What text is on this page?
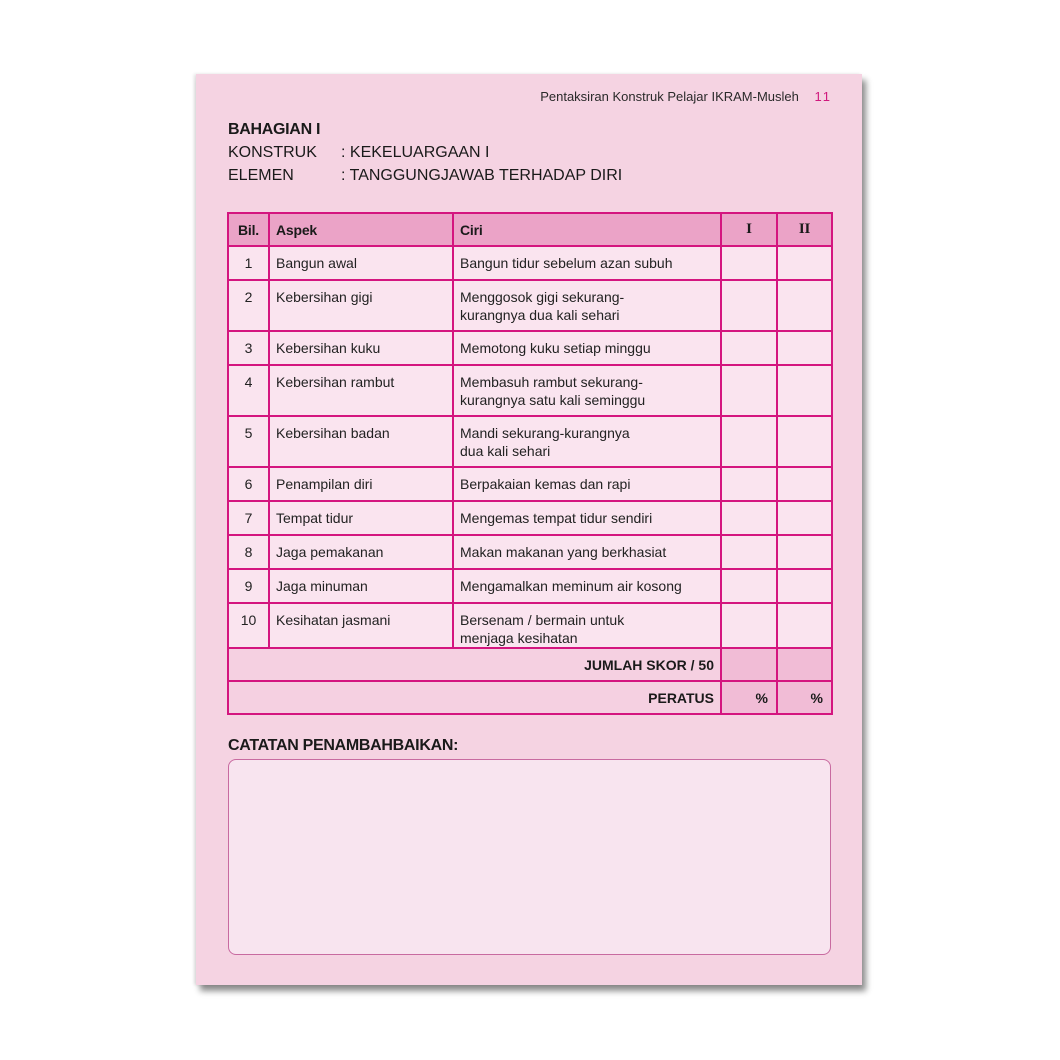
Pentaksiran Konstruk Pelajar IKRAM-Musleh 11
BAHAGIAN I
KONSTRUK	: KEKELUARGAAN I
ELEMEN	: TANGGUNGJAWAB TERHADAP DIRI
Bil.	Aspek	Ciri	I	II
1	Bangun awal	Bangun tidur sebelum azan subuh		
2	Kebersihan gigi	Menggosok gigi sekurang-
kurangnya dua kali sehari		
3	Kebersihan kuku	Memotong kuku setiap minggu		
4	Kebersihan rambut	Membasuh rambut sekurang-
kurangnya satu kali seminggu		
5	Kebersihan badan	Mandi sekurang-kurangnya
dua kali sehari		
6	Penampilan diri	Berpakaian kemas dan rapi		
7	Tempat tidur	Mengemas tempat tidur sendiri		
8	Jaga pemakanan	Makan makanan yang berkhasiat		
9	Jaga minuman	Mengamalkan meminum air kosong		
10	Kesihatan jasmani	Bersenam / bermain untuk
menjaga kesihatan		
JUMLAH SKOR / 50				
PERATUS			%	%
CATATAN PENAMBAHBAIKAN:
